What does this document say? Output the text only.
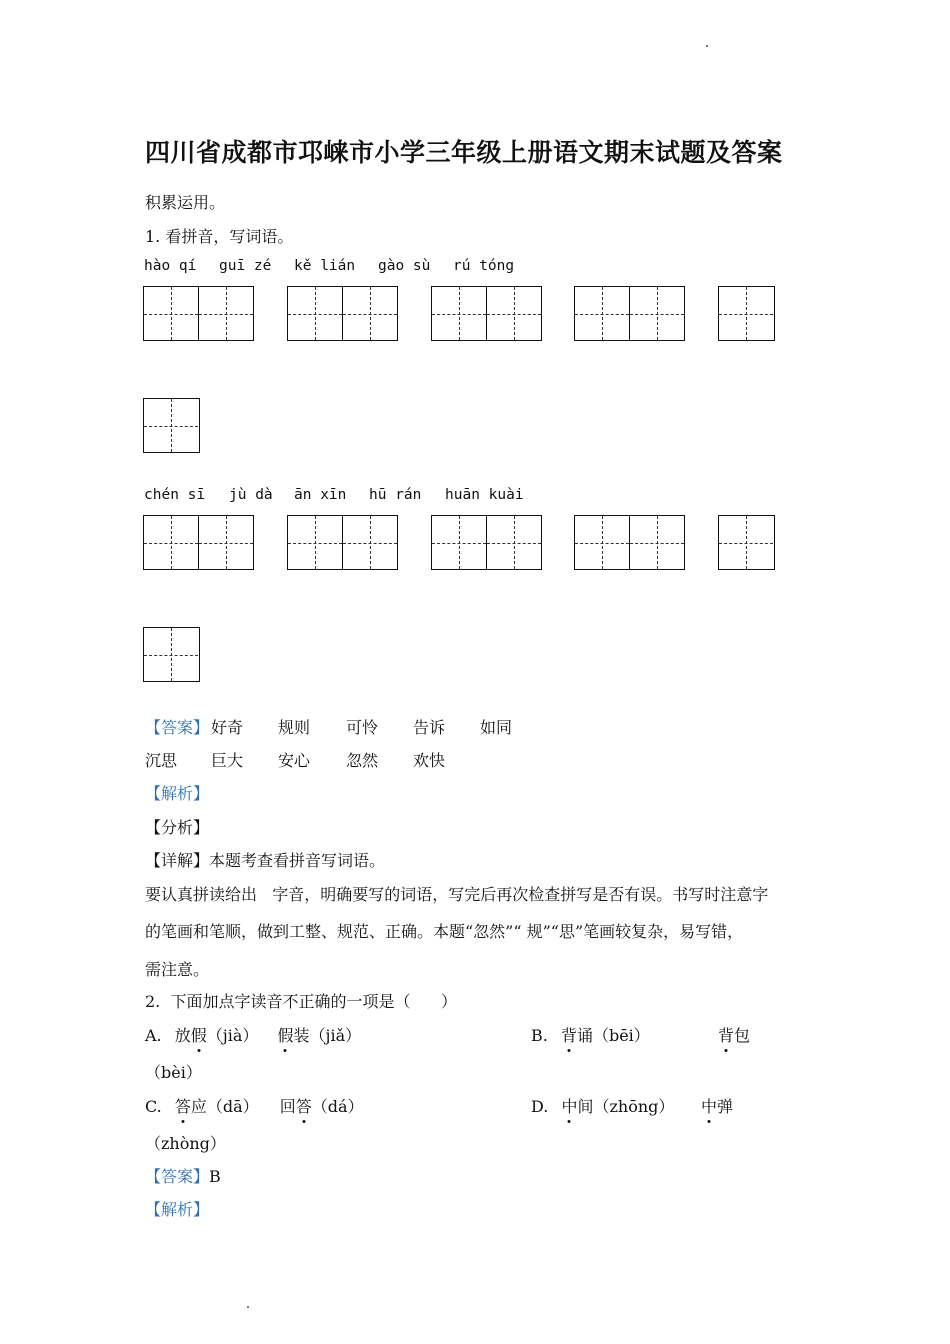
四川省成都市邛崃市小学三年级上册语文期末试题及答案
积累运用。
1. 看拼音，写词语。
hào qí guī zé kě lián gào sù rú tóng
chén sī jù dà ān xīn hū rán huān kuài
【答案】 好奇 规则 可怜 告诉 如同
沉思 巨大 安心 忽然 欢快
【解析】
【分析】
【详解】本题考查看拼音写词语。
要认真拼读给出   字音，明确要写的词语，写完后再次检查拼写是否有误。书写时注意字
的笔画和笔顺，做到工整、规范、正确。本题“忽然”“ 规”“思”笔画较复杂，易写错，
需注意。
2.  下面加点字读音不正确的一项是（      ）
A. 放假（jià） 假装（jiǎ）	B. 背诵（bēi）	背包
（bèi）
C. 答应（dā） 回答（dá）	D. 中间（zhōng） 中弹
（zhòng）
【答案】B
【解析】
